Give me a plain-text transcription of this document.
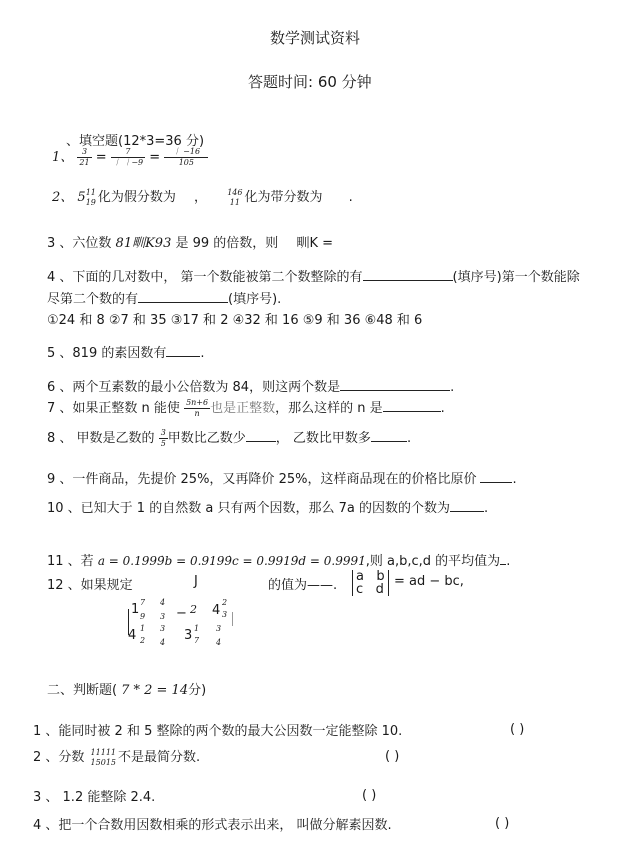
数学测试资料
答题时间: 60 分钟
、填空题(12*3=36 分)
1、 $\frac{3}{21} = \frac{7}{︱ ︱-9} = \frac{︱ -16}{105}$
2、 5 11
19 化为假分数为 ，	146
11 化为带分数为 .
3 、六位数 81甽K93 是 99 的倍数，则 甽K =
4 、下面的几对数中， 第一个数能被第二个数整除的有	(填序号)第一个数能除
尽第二个数的有	(填序号).
①24 和 8 ②7 和 35 ③17 和 2 ④32 和 16 ⑤9 和 36 ⑥48 和 6
5 、819 的素因数有	.
6 、两个互素数的最小公倍数为 84，则这两个数是	.
7 、如果正整数 n 能使 $\frac{5n+6}{n}$ 也是正整数，那么这样的 n 是	.
8 、 甲数是乙数的 $\frac{3}{5}$ 甲数比乙数少 ， 乙数比甲数多	.
9 、一件商品，先提价 25%，又再降价 25%，这样商品现在的价格比原价	.
10 、已知大于 1 的自然数 a 只有两个因数，那么 7a 的因数的个数为	.
11 、若 a = 0.1999̇b = 0.9199̇c = 0.9919̇d = 0.9991̇,则 a,b,c,d 的平均值为 .
12 、如果规定	J	的值为——.
a b
c d
= ad − bc,
7
1 9
4
3 − 2 4
2
3
4 1
2
3
4 3 1
7
3
4
二、判断题( 7 * 2 = 14分)
1 、能同时被 2 和 5 整除的两个数的最大公因数一定能整除 10.	( )
2 、分数 11111
15015 不是最简分数.	( )
3 、 1.2 能整除 2.4.	( )
4 、把一个合数用因数相乘的形式表示出来， 叫做分解素因数.	( )
